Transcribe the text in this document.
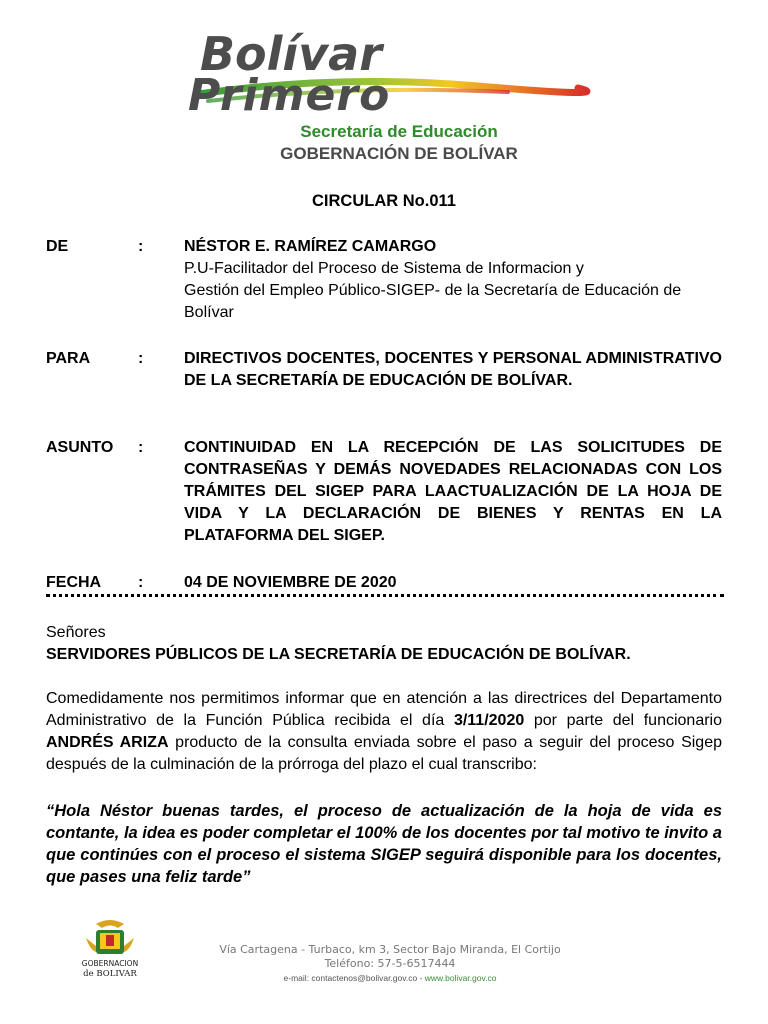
Bolívar
Primero
Secretaría de Educación
GOBERNACIÓN DE BOLÍVAR
CIRCULAR No.011
DE	:	NÉSTOR E. RAMÍREZ CAMARGO
P.U-Facilitador del Proceso de Sistema de Informacion y
Gestión del Empleo Público-SIGEP- de la Secretaría de Educación de
Bolívar
PARA	:	DIRECTIVOS DOCENTES, DOCENTES Y PERSONAL ADMINISTRATIVO DE LA SECRETARÍA DE EDUCACIÓN DE BOLÍVAR.
ASUNTO :	CONTINUIDAD EN LA RECEPCIÓN DE LAS SOLICITUDES DE CONTRASEÑAS Y DEMÁS NOVEDADES RELACIONADAS CON LOS TRÁMITES DEL SIGEP PARA LAACTUALIZACIÓN DE LA HOJA DE VIDA Y LA DECLARACIÓN DE BIENES Y RENTAS EN LA PLATAFORMA DEL SIGEP.
FECHA :	04 DE NOVIEMBRE DE 2020
Señores
SERVIDORES PÚBLICOS DE LA SECRETARÍA DE EDUCACIÓN DE BOLÍVAR.
Comedidamente nos permitimos informar que en atención a las directrices del Departamento Administrativo de la Función Pública recibida el día 3/11/2020 por parte del funcionario ANDRÉS ARIZA producto de la consulta enviada sobre el paso a seguir del proceso Sigep después de la culminación de la prórroga del plazo el cual transcribo:
“Hola Néstor buenas tardes, el proceso de actualización de la hoja de vida es contante, la idea es poder completar el 100% de los docentes por tal motivo te invito a que continúes con el proceso el sistema SIGEP seguirá disponible para los docentes, que pases una feliz tarde”
GOBERNACION
de BOLIVAR
Vía Cartagena - Turbaco, km 3, Sector Bajo Miranda, El Cortijo
Teléfono: 57-5-6517444
e-mail: contactenos@bolivar.gov.co - www.bolivar.gov.co
